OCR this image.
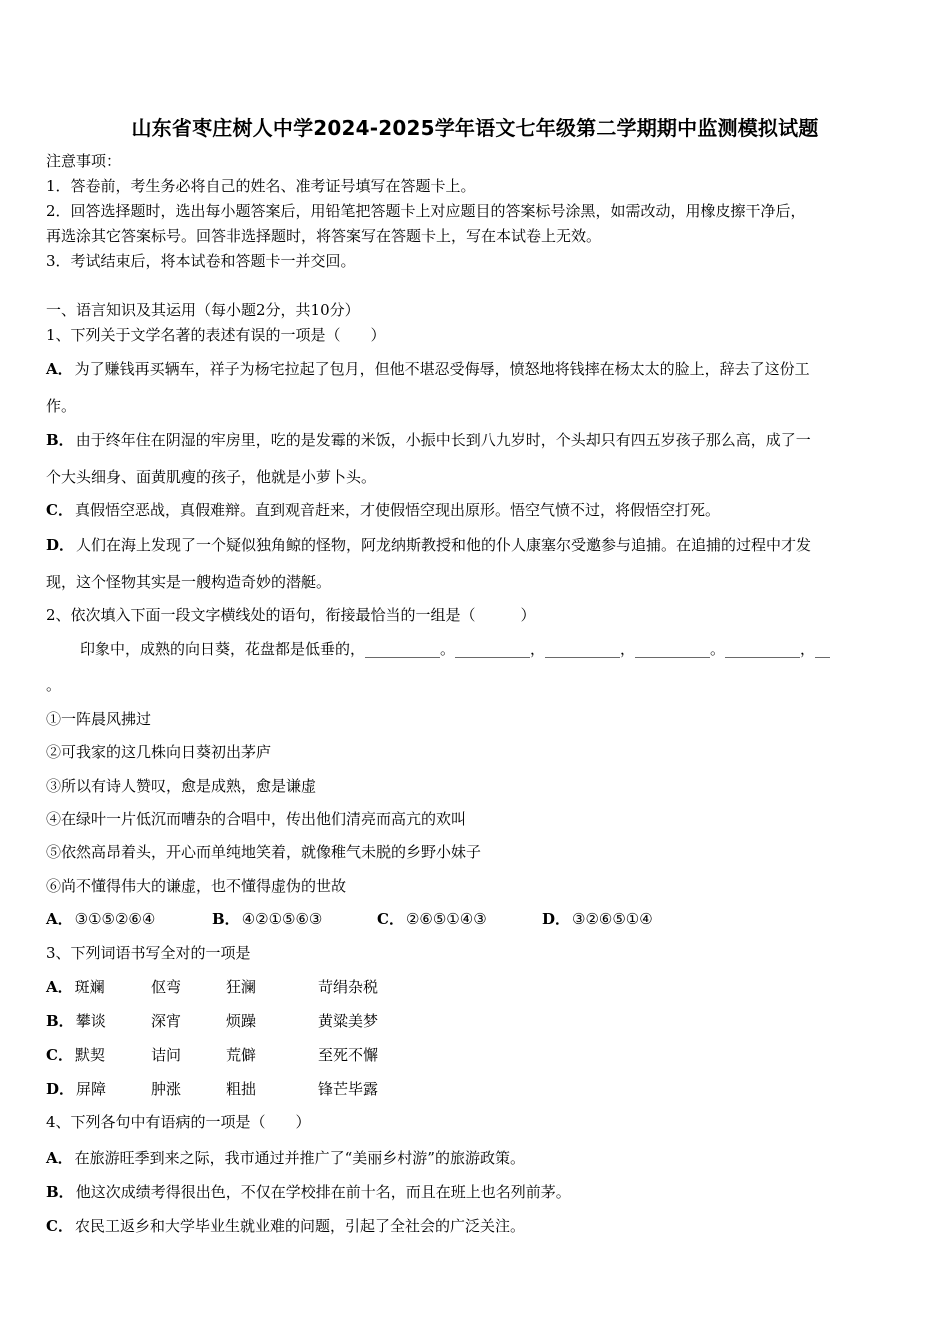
山东省枣庄树人中学2024-2025学年语文七年级第二学期期中监测模拟试题
注意事项：
1．答卷前，考生务必将自己的姓名、准考证号填写在答题卡上。
2．回答选择题时，选出每小题答案后，用铅笔把答题卡上对应题目的答案标号涂黑，如需改动，用橡皮擦干净后，
再选涂其它答案标号。回答非选择题时，将答案写在答题卡上，写在本试卷上无效。
3．考试结束后，将本试卷和答题卡一并交回。
一、语言知识及其运用（每小题2分，共10分）
1、下列关于文学名著的表述有误的一项是（　　）
A． 为了赚钱再买辆车，祥子为杨宅拉起了包月，但他不堪忍受侮辱，愤怒地将钱摔在杨太太的脸上，辞去了这份工
作。
B． 由于终年住在阴湿的牢房里，吃的是发霉的米饭，小振中长到八九岁时，个头却只有四五岁孩子那么高，成了一
个大头细身、面黄肌瘦的孩子，他就是小萝卜头。
C． 真假悟空恶战，真假难辩。直到观音赶来，才使假悟空现出原形。悟空气愤不过，将假悟空打死。
D． 人们在海上发现了一个疑似独角鲸的怪物，阿龙纳斯教授和他的仆人康塞尔受邀参与追捕。在追捕的过程中才发
现，这个怪物其实是一艘构造奇妙的潜艇。
2、依次填入下面一段文字横线处的语句，衔接最恰当的一组是（　　　）
印象中，成熟的向日葵，花盘都是低垂的，__________。__________，__________，__________。__________，__
。
①一阵晨风拂过
②可我家的这几株向日葵初出茅庐
③所以有诗人赞叹，愈是成熟，愈是谦虚
④在绿叶一片低沉而嘈杂的合唱中，传出他们清亮而高亢的欢叫
⑤依然高昂着头，开心而单纯地笑着，就像稚气未脱的乡野小妹子
⑥尚不懂得伟大的谦虚，也不懂得虚伪的世故
A． ③①⑤②⑥④	B． ④②①⑤⑥③	C． ②⑥⑤①④③	D． ③②⑥⑤①④
3、下列词语书写全对的一项是
A． 斑斓	伛弯	狂澜	苛绢杂税
B． 攀谈	深宵	烦躁	黄粱美梦
C． 默契	诘问	荒僻	至死不懈
D． 屏障	肿涨	粗拙	锋芒毕露
4、下列各句中有语病的一项是（　　）
A． 在旅游旺季到来之际，我市通过并推广了“美丽乡村游”的旅游政策。
B． 他这次成绩考得很出色，不仅在学校排在前十名，而且在班上也名列前茅。
C． 农民工返乡和大学毕业生就业难的问题，引起了全社会的广泛关注。
